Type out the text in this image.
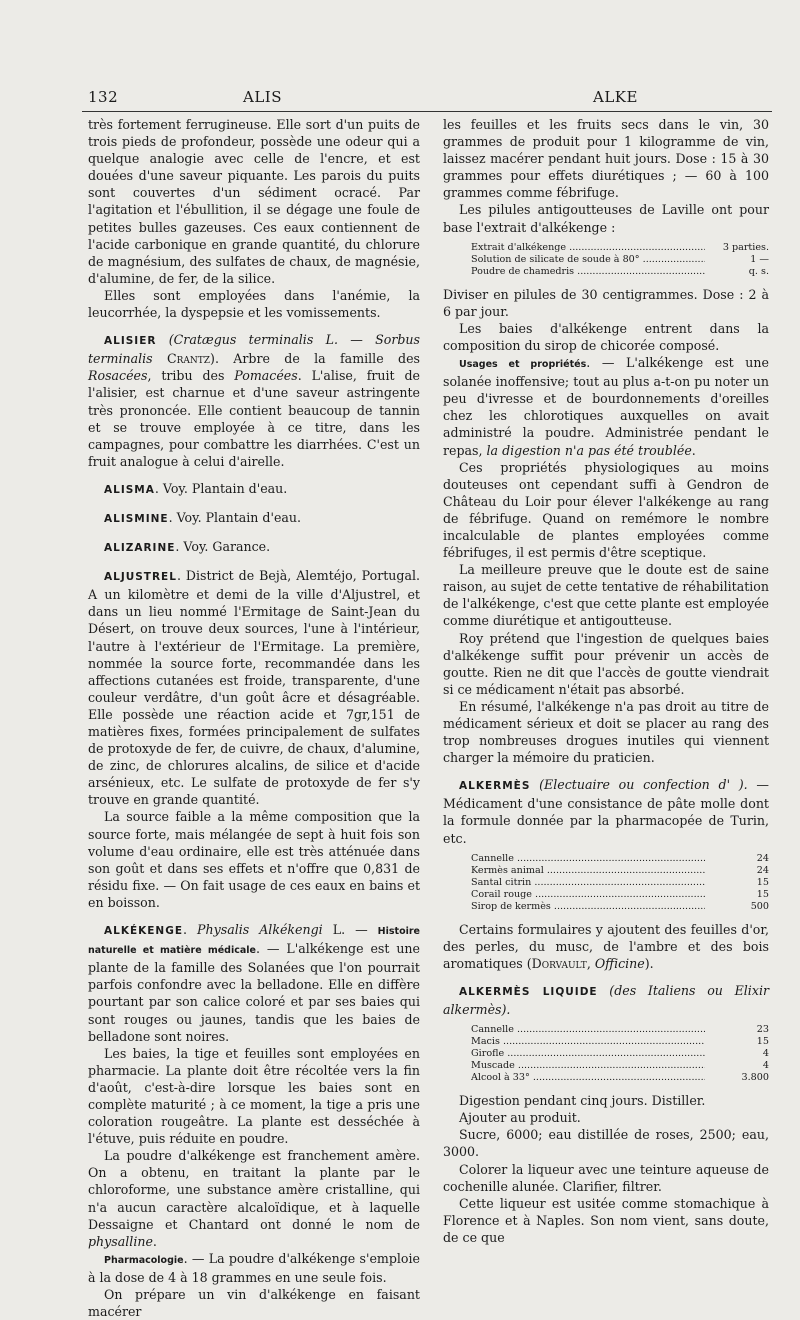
132	ALIS	ALKE

très fortement ferrugineuse. Elle sort d'un puits de trois pieds de profondeur, possède une odeur qui a quelque analogie avec celle de l'encre, et est douées d'une saveur piquante. Les parois du puits sont couvertes d'un sédiment ocracé. Par l'agitation et l'ébullition, il se dégage une foule de petites bulles gazeuses. Ces eaux contiennent de l'acide carbonique en grande quantité, du chlorure de magnésium, des sulfates de chaux, de magnésie, d'alumine, de fer, de la silice.

Elles sont employées dans l'anémie, la leucorrhée, la dyspepsie et les vomissements.

ALISIER (Cratægus terminalis L. — Sorbus terminalis Crantz). Arbre de la famille des Rosacées, tribu des Pomacées. L'alise, fruit de l'alisier, est charnue et d'une saveur astringente très prononcée. Elle contient beaucoup de tannin et se trouve employée à ce titre, dans les campagnes, pour combattre les diarrhées. C'est un fruit analogue à celui d'airelle.

ALISMA. Voy. Plantain d'eau.

ALISMINE. Voy. Plantain d'eau.

ALIZARINE. Voy. Garance.

ALJUSTREL. District de Bejà, Alemtéjo, Portugal. A un kilomètre et demi de la ville d'Aljustrel, et dans un lieu nommé l'Ermitage de Saint-Jean du Désert, on trouve deux sources, l'une à l'intérieur, l'autre à l'extérieur de l'Ermitage. La première, nommée la source forte, recommandée dans les affections cutanées est froide, transparente, d'une couleur verdâtre, d'un goût âcre et désagréable. Elle possède une réaction acide et 7gr,151 de matières fixes, formées principalement de sulfates de protoxyde de fer, de cuivre, de chaux, d'alumine, de zinc, de chlorures alcalins, de silice et d'acide arsénieux, etc. Le sulfate de protoxyde de fer s'y trouve en grande quantité.

La source faible a la même composition que la source forte, mais mélangée de sept à huit fois son volume d'eau ordinaire, elle est très atténuée dans son goût et dans ses effets et n'offre que 0,831 de résidu fixe. — On fait usage de ces eaux en bains et en boisson.

ALKÉKENGE. Physalis Alkékengi L. — Histoire naturelle et matière médicale. — L'alkékenge est une plante de la famille des Solanées que l'on pourrait parfois confondre avec la belladone. Elle en diffère pourtant par son calice coloré et par ses baies qui sont rouges ou jaunes, tandis que les baies de belladone sont noires.

Les baies, la tige et feuilles sont employées en pharmacie. La plante doit être récoltée vers la fin d'août, c'est-à-dire lorsque les baies sont en complète maturité ; à ce moment, la tige a pris une coloration rougeâtre. La plante est desséchée à l'étuve, puis réduite en poudre.

La poudre d'alkékenge est franchement amère. On a obtenu, en traitant la plante par le chloroforme, une substance amère cristalline, qui n'a aucun caractère alcaloïdique, et à laquelle Dessaigne et Chantard ont donné le nom de physalline.

Pharmacologie. — La poudre d'alkékenge s'emploie à la dose de 4 à 18 grammes en une seule fois.

On prépare un vin d'alkékenge en faisant macérer

les feuilles et les fruits secs dans le vin, 30 grammes de produit pour 1 kilogramme de vin, laissez macérer pendant huit jours. Dose : 15 à 30 grammes pour effets diurétiques ; — 60 à 100 grammes comme fébrifuge.

Les pilules antigoutteuses de Laville ont pour base l'extrait d'alkékenge :

Extrait d'alkékenge .....	3 parties.
Solution de silicate de soude à 80° .....	1 —
Poudre de chamedris .....	q. s.

Diviser en pilules de 30 centigrammes. Dose : 2 à 6 par jour.

Les baies d'alkékenge entrent dans la composition du sirop de chicorée composé.

Usages et propriétés. — L'alkékenge est une solanée inoffensive; tout au plus a-t-on pu noter un peu d'ivresse et de bourdonnements d'oreilles chez les chlorotiques auxquelles on avait administré la poudre. Administrée pendant le repas, la digestion n'a pas été troublée.

Ces propriétés physiologiques au moins douteuses ont cependant suffi à Gendron de Château du Loir pour élever l'alkékenge au rang de fébrifuge. Quand on remémore le nombre incalculable de plantes employées comme fébrifuges, il est permis d'être sceptique.

La meilleure preuve que le doute est de saine raison, au sujet de cette tentative de réhabilitation de l'alkékenge, c'est que cette plante est employée comme diurétique et antigoutteuse.

Roy prétend que l'ingestion de quelques baies d'alkékenge suffit pour prévenir un accès de goutte. Rien ne dit que l'accès de goutte viendrait si ce médicament n'était pas absorbé.

En résumé, l'alkékenge n'a pas droit au titre de médicament sérieux et doit se placer au rang des trop nombreuses drogues inutiles qui viennent charger la mémoire du praticien.

ALKERMÈS (Electuaire ou confection d' ). — Médicament d'une consistance de pâte molle dont la formule donnée par la pharmacopée de Turin, etc.

Cannelle .....	24
Kermès animal .....	24
Santal citrin .....	15
Corail rouge .....	15
Sirop de kermès .....	500

Certains formulaires y ajoutent des feuilles d'or, des perles, du musc, de l'ambre et des bois aromatiques (Dorvault, Officine).

ALKERMÈS LIQUIDE (des Italiens ou Elixir alkermès).

Cannelle .....	23
Macis .....	15
Girofle .....	4
Muscade .....	4
Alcool à 33° .....	3.800

Digestion pendant cinq jours. Distiller.

Ajouter au produit.

Sucre, 6000; eau distillée de roses, 2500; eau, 3000.

Colorer la liqueur avec une teinture aqueuse de cochenille alunée. Clarifier, filtrer.

Cette liqueur est usitée comme stomachique à Florence et à Naples. Son nom vient, sans doute, de ce que
